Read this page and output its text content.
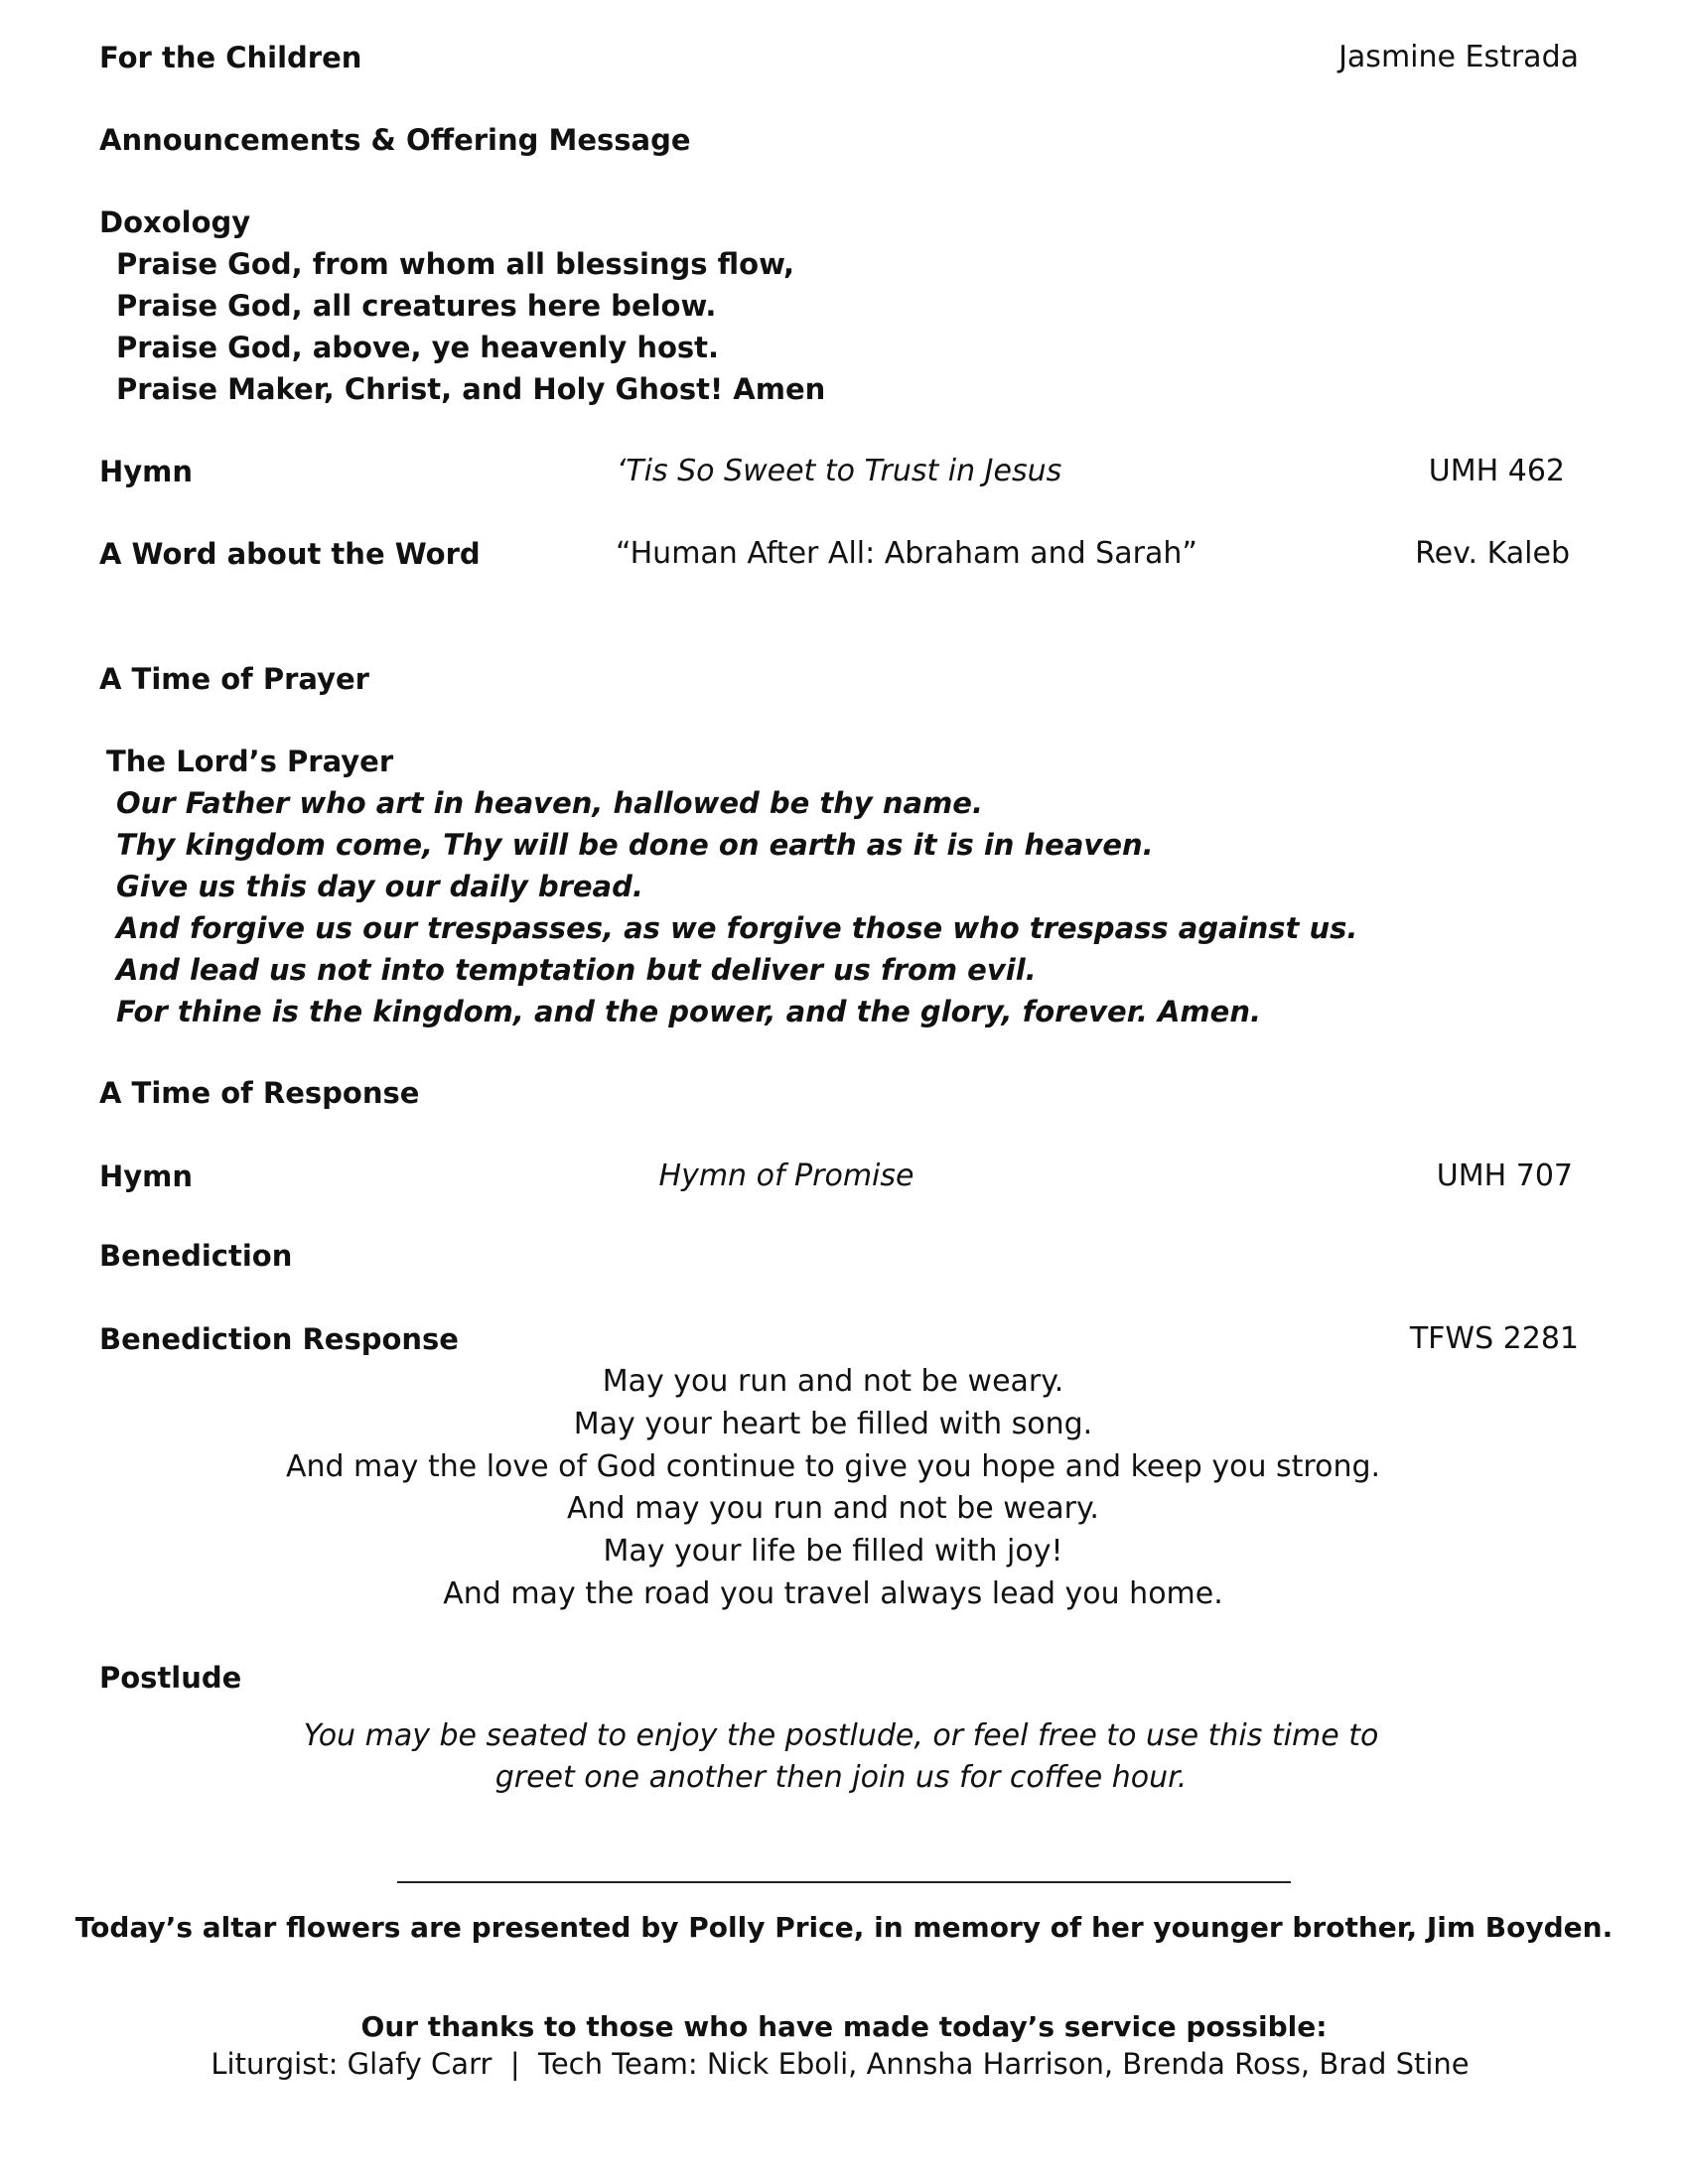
For the Children	Jasmine Estrada
Announcements & Offering Message
Doxology
Praise God, from whom all blessings flow,
Praise God, all creatures here below.
Praise God, above, ye heavenly host.
Praise Maker, Christ, and Holy Ghost! Amen
Hymn	‘Tis So Sweet to Trust in Jesus	UMH 462
A Word about the Word	“Human After All: Abraham and Sarah”	Rev. Kaleb
A Time of Prayer
The Lord’s Prayer
Our Father who art in heaven, hallowed be thy name.
Thy kingdom come, Thy will be done on earth as it is in heaven.
Give us this day our daily bread.
And forgive us our trespasses, as we forgive those who trespass against us.
And lead us not into temptation but deliver us from evil.
For thine is the kingdom, and the power, and the glory, forever. Amen.
A Time of Response
Hymn	Hymn of Promise	UMH 707
Benediction
Benediction Response	TFWS 2281
May you run and not be weary.
May your heart be filled with song.
And may the love of God continue to give you hope and keep you strong.
And may you run and not be weary.
May your life be filled with joy!
And may the road you travel always lead you home.
Postlude
You may be seated to enjoy the postlude, or feel free to use this time to
greet one another then join us for coffee hour.
Today’s altar flowers are presented by Polly Price, in memory of her younger brother, Jim Boyden.
Our thanks to those who have made today’s service possible:
Liturgist: Glafy Carr  |  Tech Team: Nick Eboli, Annsha Harrison, Brenda Ross, Brad Stine
